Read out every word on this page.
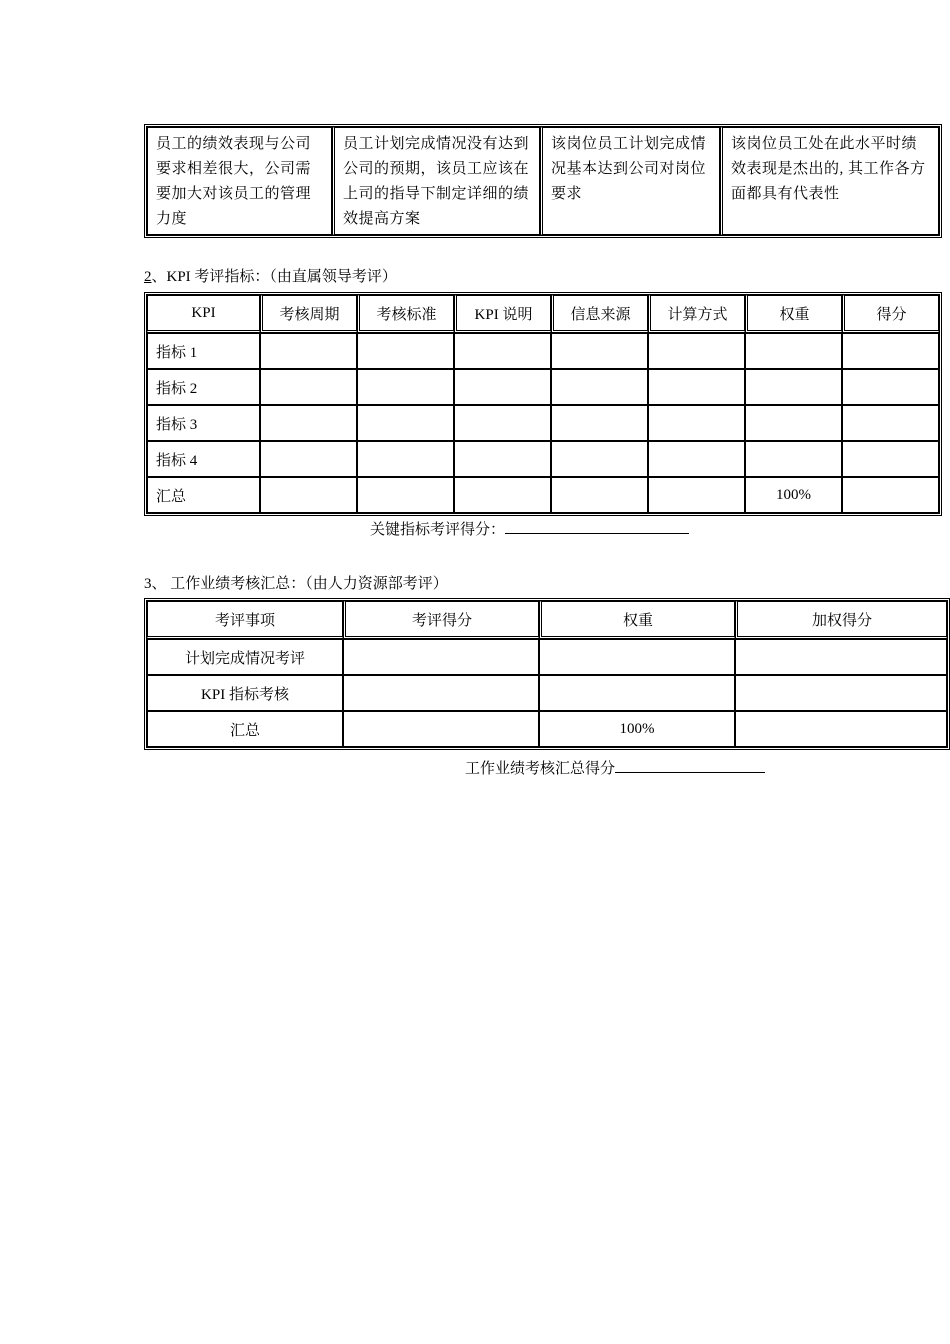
员工的绩效表现与公司要求相差很大，公司需要加大对该员工的管理力度	员工计划完成情况没有达到公司的预期，该员工应该在上司的指导下制定详细的绩效提高方案	该岗位员工计划完成情况基本达到公司对岗位要求	该岗位员工处在此水平时绩效表现是杰出的, 其工作各方面都具有代表性
2、KPI 考评指标：（由直属领导考评）
KPI	考核周期	考核标准	KPI 说明	信息来源	计算方式	权重	得分
指标 1							
指标 2							
指标 3							
指标 4							
汇总						100%	
关键指标考评得分：
3、 工作业绩考核汇总：（由人力资源部考评）
考评事项	考评得分	权重	加权得分
计划完成情况考评			
KPI 指标考核			
汇总		100%	
工作业绩考核汇总得分
